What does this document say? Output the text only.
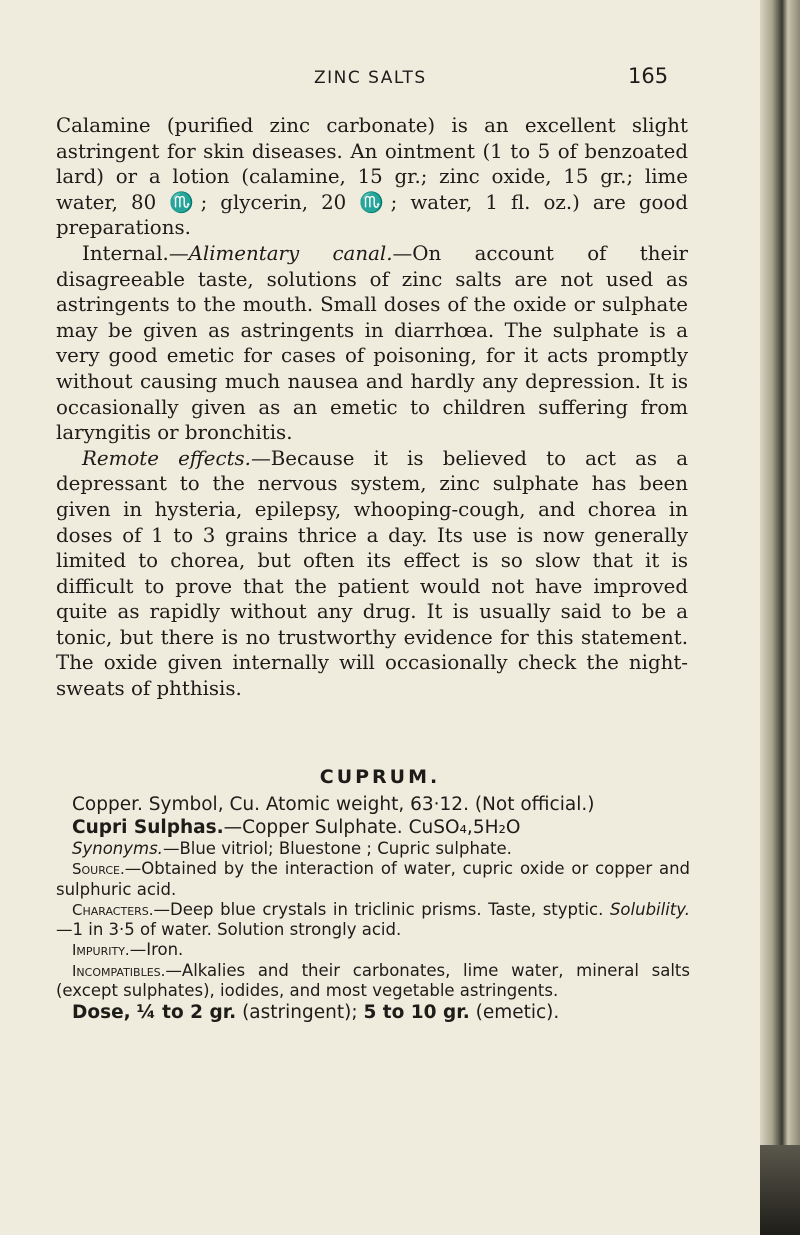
ZINC SALTS	165

Calamine (purified zinc carbonate) is an excellent slight astringent for skin diseases. An ointment (1 to 5 of benzoated lard) or a lotion (calamine, 15 gr.; zinc oxide, 15 gr.; lime water, 80 ♏; glycerin, 20 ♏; water, 1 fl. oz.) are good preparations.

Internal.—Alimentary canal.—On account of their disagreeable taste, solutions of zinc salts are not used as astringents to the mouth. Small doses of the oxide or sulphate may be given as astringents in diarrhœa. The sulphate is a very good emetic for cases of poisoning, for it acts promptly without causing much nausea and hardly any depression. It is occasionally given as an emetic to children suffering from laryngitis or bronchitis.

Remote effects.—Because it is believed to act as a depressant to the nervous system, zinc sulphate has been given in hysteria, epilepsy, whooping-cough, and chorea in doses of 1 to 3 grains thrice a day. Its use is now generally limited to chorea, but often its effect is so slow that it is difficult to prove that the patient would not have improved quite as rapidly without any drug. It is usually said to be a tonic, but there is no trustworthy evidence for this statement. The oxide given internally will occasionally check the night-sweats of phthisis.

CUPRUM.

Copper. Symbol, Cu. Atomic weight, 63·12. (Not official.)

Cupri Sulphas.—Copper Sulphate. CuSO₄,5H₂O

Synonyms.—Blue vitriol; Bluestone ; Cupric sulphate.

Source.—Obtained by the interaction of water, cupric oxide or copper and sulphuric acid.

Characters.—Deep blue crystals in triclinic prisms. Taste, styptic. Solubility.—1 in 3·5 of water. Solution strongly acid.

Impurity.—Iron.

Incompatibles.—Alkalies and their carbonates, lime water, mineral salts (except sulphates), iodides, and most vegetable astringents.

Dose, ¼ to 2 gr. (astringent); 5 to 10 gr. (emetic).
